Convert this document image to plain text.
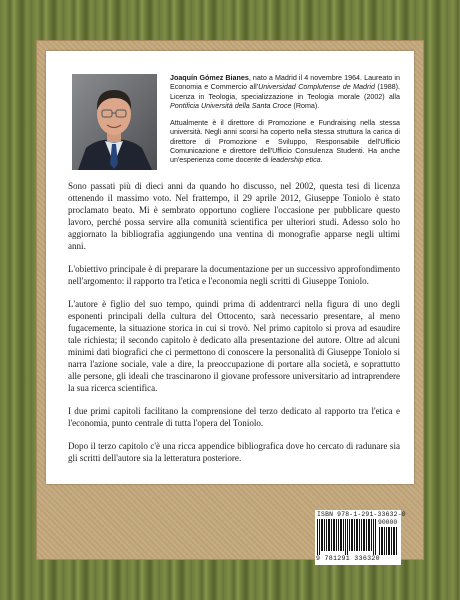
Joaquín Gómez Bianes, nato a Madrid il 4 novembre 1964. Laureato in Economia e Commercio all'Universidad Complutense de Madrid (1988). Licenza in Teologia, specializzazione in Teologia morale (2002) alla Pontificia Università della Santa Croce (Roma).

Attualmente è il direttore di Promozione e Fundraising nella stessa università. Negli anni scorsi ha coperto nella stessa struttura la carica di direttore di Promozione e Sviluppo, Responsabile dell'Ufficio Comunicazione e direttore dell'Ufficio Consulenza Studenti. Ha anche un'esperienza come docente di leadership etica.

Sono passati più di dieci anni da quando ho discusso, nel 2002, questa tesi di licenza ottenendo il massimo voto. Nel frattempo, il 29 aprile 2012, Giuseppe Toniolo è stato proclamato beato. Mi è sembrato opportuno cogliere l'occasione per pubblicare questo lavoro, perché possa servire alla comunità scientifica per ulteriori studi. Adesso solo ho aggiornato la bibliografia aggiungendo una ventina di monografie apparse negli ultimi anni.

L'obiettivo principale è di preparare la documentazione per un successivo approfondimento nell'argomento: il rapporto tra l'etica e l'economia negli scritti di Giuseppe Toniolo.

L'autore è figlio del suo tempo, quindi prima di addentrarci nella figura di uno degli esponenti principali della cultura del Ottocento, sarà necessario presentare, al meno fugacemente, la situazione storica in cui si trovò. Nel primo capitolo si prova ad esaudire tale richiesta; il secondo capitolo è dedicato alla presentazione del autore. Oltre ad alcuni minimi dati biografici che ci permettono di conoscere la personalità di Giuseppe Toniolo si narra l'azione sociale, vale a dire, la preoccupazione di portare alla società, e soprattutto alle persone, gli ideali che trascinarono il giovane professore universitario ad intraprendere la sua ricerca scientifica.

I due primi capitoli facilitano la comprensione del terzo dedicato al rapporto tra l'etica e l'economia, punto centrale di tutta l'opera del Toniolo.

Dopo il terzo capitolo c'è una ricca appendice bibliografica dove ho cercato di radunare sia gli scritti dell'autore sia la letteratura posteriore.

ISBN 978-1-291-33632-0
90000
9 781291 336320
